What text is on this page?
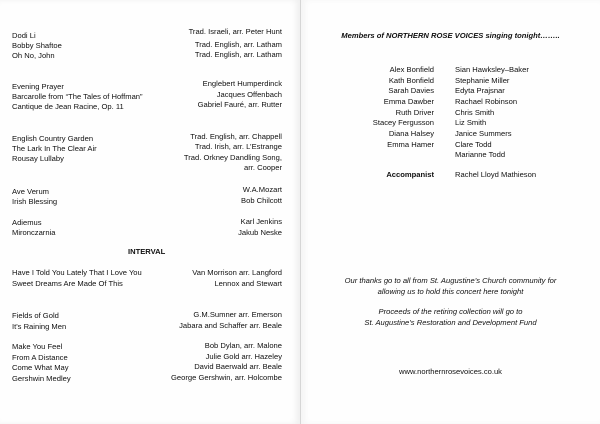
Dodi Li
Bobby Shaftoe
Oh No, John
Evening Prayer
Barcarolle from “The Tales of Hoffman”
Cantique de Jean Racine, Op. 11
English Country Garden
The Lark In The Clear Air
Rousay Lullaby
Ave Verum
Irish Blessing
Adiemus
Mironczarnia
Have I Told You Lately That I Love You
Sweet Dreams Are Made Of This
Fields of Gold
It's Raining Men
Make You Feel
From A Distance
Come What May
Gershwin Medley
Trad. Israeli, arr. Peter Hunt
Trad. English, arr. Latham
Trad. English, arr. Latham
Englebert Humperdinck
Jacques Offenbach
Gabriel Fauré, arr. Rutter
Trad. English, arr. Chappell
Trad. Irish, arr. L’Estrange
Trad. Orkney Dandling Song,
arr. Cooper
W.A.Mozart
Bob Chilcott
Karl Jenkins
Jakub Neske
Van Morrison arr. Langford
Lennox and Stewart
G.M.Sumner arr. Emerson
Jabara and Schaffer arr. Beale
Bob Dylan, arr. Malone
Julie Gold arr. Hazeley
David Baerwald arr. Beale
George Gershwin, arr. Holcombe
INTERVAL
Members of NORTHERN ROSE VOICES singing tonight……..
Alex Bonfield
Kath Bonfield
Sarah Davies
Emma Dawber
Ruth Driver
Stacey Fergusson
Diana Halsey
Emma Hamer
Sian Hawksley–Baker
Stephanie Miller
Edyta Prajsnar
Rachael Robinson
Chris Smith
Liz Smith
Janice Summers
Clare Todd
Marianne Todd
Accompanist	Rachel Lloyd Mathieson
Our thanks go to all from St. Augustine’s Church community for
allowing us to hold this concert here tonight
Proceeds of the retiring collection will go to
St. Augustine’s Restoration and Development Fund
www.northernrosevoices.co.uk
